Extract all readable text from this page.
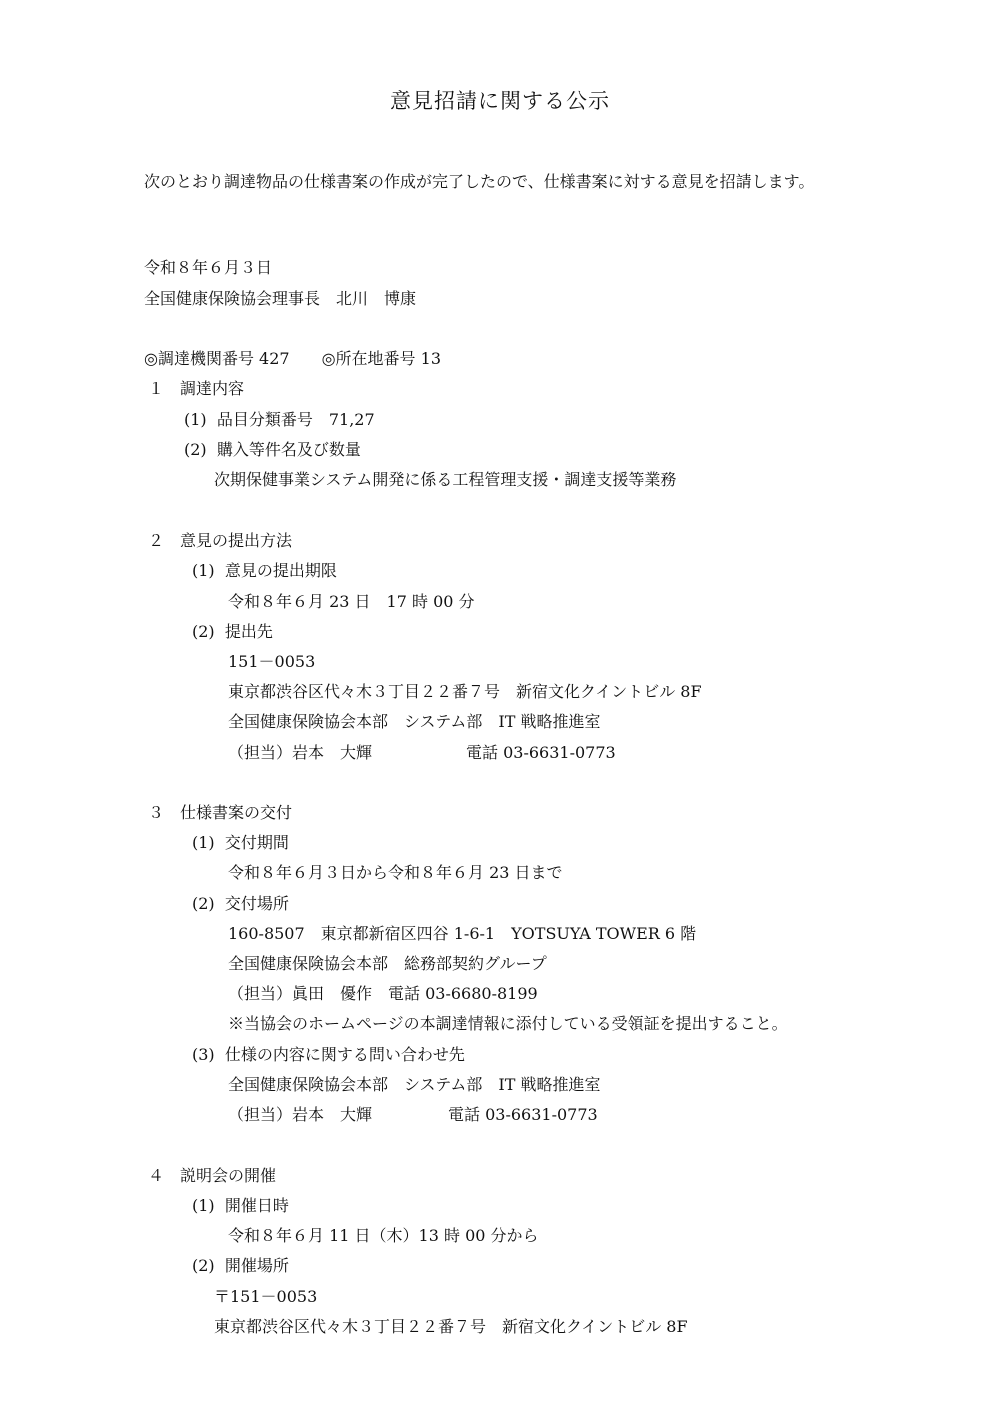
意見招請に関する公示
次のとおり調達物品の仕様書案の作成が完了したので、仕様書案に対する意見を招請します。
令和８年６月３日
全国健康保険協会理事長　北川　博康
◎調達機関番号 427　　◎所在地番号 13
１　調達内容
(1)  品目分類番号　71,27
(2)  購入等件名及び数量
次期保健事業システム開発に係る工程管理支援・調達支援等業務
２　意見の提出方法
(1)  意見の提出期限
令和８年６月 23 日　17 時 00 分
(2)  提出先
151－0053
東京都渋谷区代々木３丁目２２番７号　新宿文化クイントビル 8F
全国健康保険協会本部　システム部　IT 戦略推進室
（担当）岩本　大輝	電話 03-6631-0773
３　仕様書案の交付
(1)  交付期間
令和８年６月３日から令和８年６月 23 日まで
(2)  交付場所
160-8507　東京都新宿区四谷 1-6-1　YOTSUYA TOWER 6 階
全国健康保険協会本部　総務部契約グループ
（担当）眞田　優作　電話 03-6680-8199
※当協会のホームページの本調達情報に添付している受領証を提出すること。
(3)  仕様の内容に関する問い合わせ先
全国健康保険協会本部　システム部　IT 戦略推進室
（担当）岩本　大輝	電話 03-6631-0773
４　説明会の開催
(1)  開催日時
令和８年６月 11 日（木）13 時 00 分から
(2)  開催場所
〒151－0053
東京都渋谷区代々木３丁目２２番７号　新宿文化クイントビル 8F
